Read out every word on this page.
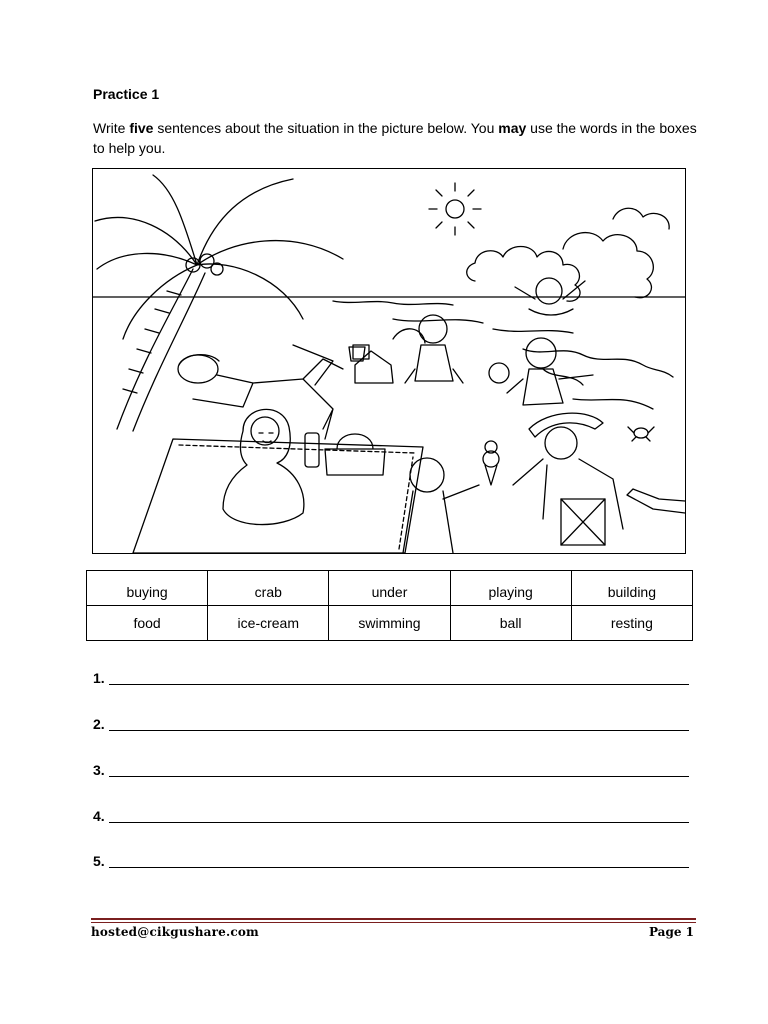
Practice 1
Write five sentences about the situation in the picture below. You may use the words in the boxes to help you.
buying	crab	under	playing	building
food	ice-cream	swimming	ball	resting
1.
2.
3.
4.
5.
hosted@cikgushare.com	Page 1
